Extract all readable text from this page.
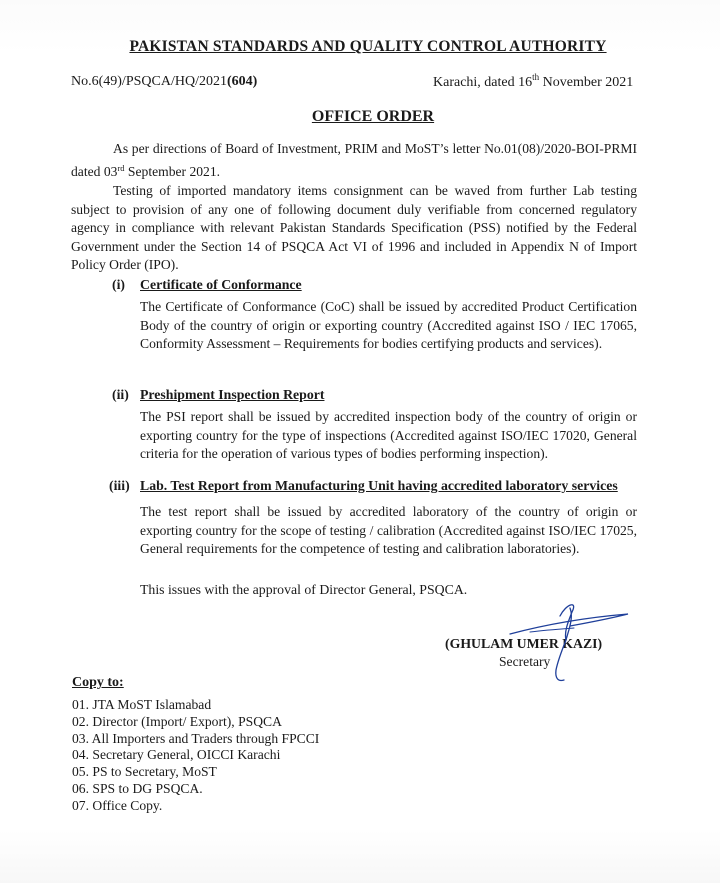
PAKISTAN STANDARDS AND QUALITY CONTROL AUTHORITY
No.6(49)/PSQCA/HQ/2021(604)	Karachi, dated 16th November 2021
OFFICE ORDER
As per directions of Board of Investment, PRIM and MoST’s letter No.01(08)/2020-BOI-PRMI dated 03rd September 2021.
Testing of imported mandatory items consignment can be waved from further Lab testing subject to provision of any one of following document duly verifiable from concerned regulatory agency in compliance with relevant Pakistan Standards Specification (PSS) notified by the Federal Government under the Section 14 of PSQCA Act VI of 1996 and included in Appendix N of Import Policy Order (IPO).
(i) Certificate of Conformance
The Certificate of Conformance (CoC) shall be issued by accredited Product Certification Body of the country of origin or exporting country (Accredited against ISO / IEC 17065, Conformity Assessment – Requirements for bodies certifying products and services).
(ii) Preshipment Inspection Report
The PSI report shall be issued by accredited inspection body of the country of origin or exporting country for the type of inspections (Accredited against ISO/IEC 17020, General criteria for the operation of various types of bodies performing inspection).
(iii) Lab. Test Report from Manufacturing Unit having accredited laboratory services
The test report shall be issued by accredited laboratory of the country of origin or exporting country for the scope of testing / calibration (Accredited against ISO/IEC 17025, General requirements for the competence of testing and calibration laboratories).
This issues with the approval of Director General, PSQCA.
(GHULAM UMER KAZI)
Secretary
Copy to:
01. JTA MoST Islamabad
02. Director (Import/ Export), PSQCA
03. All Importers and Traders through FPCCI
04. Secretary General, OICCI Karachi
05. PS to Secretary, MoST
06. SPS to DG PSQCA.
07. Office Copy.
